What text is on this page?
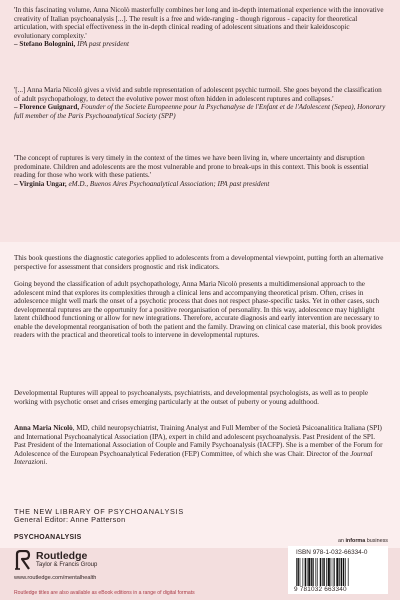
'In this fascinating volume, Anna Nicolò masterfully combines her long and in-depth international experience with the innovative creativity of Italian psychoanalysis [...]. The result is a free and wide-ranging - though rigorous - capacity for theoretical articulation, with special effectiveness in the in-depth clinical reading of adolescent situations and their kaleidoscopic evolutionary complexity.'
– Stefano Bolognini, IPA past president

'[...] Anna Maria Nicolò gives a vivid and subtle representation of adolescent psychic turmoil. She goes beyond the classification of adult psychopathology, to detect the evolutive power most often hidden in adolescent ruptures and collapses.'
– Florence Guignard, Founder of the Societe Europeenne pour la Psychanalyse de l'Enfant et de l'Adolescent (Sepea), Honorary full member of the Paris Psychoanalytical Society (SPP)

'The concept of ruptures is very timely in the context of the times we have been living in, where uncertainty and disruption predominate. Children and adolescents are the most vulnerable and prone to break-ups in this context. This book is essential reading for those who work with these patients.'
– Virginia Ungar, eM.D., Buenos Aires Psychoanalytical Association; IPA past president

This book questions the diagnostic categories applied to adolescents from a developmental viewpoint, putting forth an alternative perspective for assessment that considers prognostic and risk indicators.

Going beyond the classification of adult psychopathology, Anna Maria Nicolò presents a multidimensional approach to the adolescent mind that explores its complexities through a clinical lens and accompanying theoretical prism. Often, crises in adolescence might well mark the onset of a psychotic process that does not respect phase-specific tasks. Yet in other cases, such developmental ruptures are the opportunity for a positive reorganisation of personality. In this way, adolescence may highlight latent childhood functioning or allow for new integrations. Therefore, accurate diagnosis and early intervention are necessary to enable the developmental reorganisation of both the patient and the family. Drawing on clinical case material, this book provides readers with the practical and theoretical tools to intervene in developmental ruptures.

Developmental Ruptures will appeal to psychoanalysts, psychiatrists, and developmental psychologists, as well as to people working with psychotic onset and crises emerging particularly at the outset of puberty or young adulthood.

Anna Maria Nicolò, MD, child neuropsychiatrist, Training Analyst and Full Member of the Società Psicoanalitica Italiana (SPI) and International Psychoanalytical Association (IPA), expert in child and adolescent psychoanalysis. Past President of the SPI. Past President of the International Association of Couple and Family Psychoanalysis (IACFP). She is a member of the Forum for Adolescence of the European Psychoanalytical Federation (FEP) Committee, of which she was Chair. Director of the Journal Interazioni.

THE NEW LIBRARY OF PSYCHOANALYSIS
General Editor: Anne Patterson
PSYCHOANALYSIS
Routledge
Taylor & Francis Group
www.routledge.com/mentalhealth
Routledge titles are also available as eBook editions in a range of digital formats
an informa business
ISBN 978-1-032-66334-0
9 781032 663340
